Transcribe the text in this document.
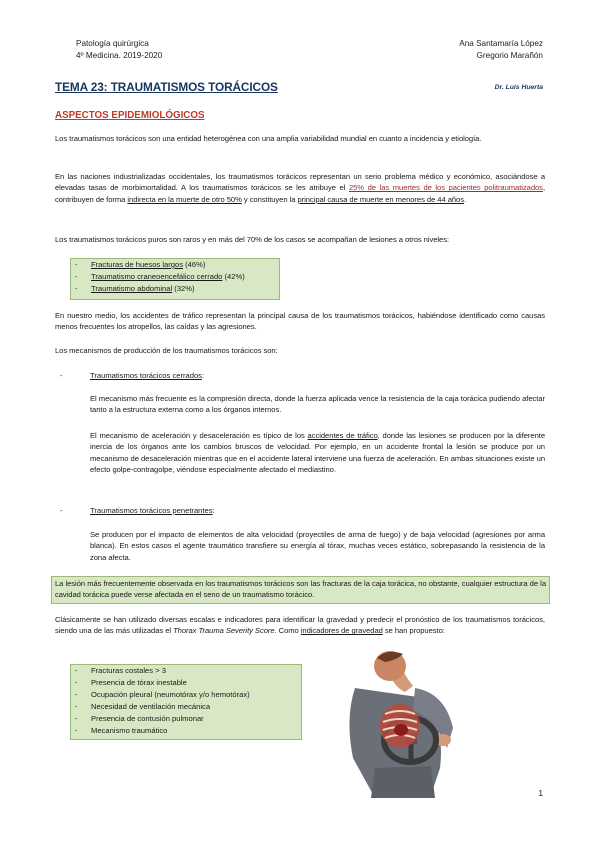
Patología quirúrgica
4º Medicina. 2019-2020
Ana Santamaría López
Gregorio Marañón
TEMA 23: TRAUMATISMOS TORÁCICOS	Dr. Luis Huerta
ASPECTOS EPIDEMIOLÓGICOS
Los traumatismos torácicos son una entidad heterogénea con una amplia variabilidad mundial en cuanto a incidencia y etiología.
En las naciones industrializadas occidentales, los traumatismos torácicos representan un serio problema médico y económico, asociándose a elevadas tasas de morbimortalidad. A los traumatismos torácicos se les atribuye el 25% de las muertes de los pacientes politraumatizados, contribuyen de forma indirecta en la muerte de otro 50% y constituyen la principal causa de muerte en menores de 44 años.
Los traumatismos torácicos puros son raros y en más del 70% de los casos se acompañan de lesiones a otros niveles:
- Fracturas de huesos largos (46%)
- Traumatismo craneoencefálico cerrado (42%)
- Traumatismo abdominal (32%)
En nuestro medio, los accidentes de tráfico representan la principal causa de los traumatismos torácicos, habiéndose identificado como causas menos frecuentes los atropellos, las caídas y las agresiones.
Los mecanismos de producción de los traumatismos torácicos son:
-	Traumatismos torácicos cerrados:
El mecanismo más frecuente es la compresión directa, donde la fuerza aplicada vence la resistencia de la caja torácica pudiendo afectar tanto a la estructura externa como a los órganos internos.
El mecanismo de aceleración y desaceleración es típico de los accidentes de tráfico, donde las lesiones se producen por la diferente inercia de los órganos ante los cambios bruscos de velocidad. Por ejemplo, en un accidente frontal la lesión se produce por un mecanismo de desaceleración mientras que en el accidente lateral interviene una fuerza de aceleración. En ambas situaciones existe un efecto golpe-contragolpe, viéndose especialmente afectado el mediastino.
-	Traumatismos torácicos penetrantes:
Se producen por el impacto de elementos de alta velocidad (proyectiles de arma de fuego) y de baja velocidad (agresiones por arma blanca). En estos casos el agente traumático transfiere su energía al tórax, muchas veces estático, sobrepasando la resistencia de la zona afecta.
La lesión más frecuentemente observada en los traumatismos torácicos son las fracturas de la caja torácica, no obstante, cualquier estructura de la cavidad torácica puede verse afectada en el seno de un traumatismo torácico.
Clásicamente se han utilizado diversas escalas e indicadores para identificar la gravedad y predecir el pronóstico de los traumatismos torácicos, siendo una de las más utilizadas el Thorax Trauma Severity Score. Como indicadores de gravedad se han propuesto:
- Fracturas costales > 3
- Presencia de tórax inestable
- Ocupación pleural (neumotórax y/o hemotórax)
- Necesidad de ventilación mecánica
- Presencia de contusión pulmonar
- Mecanismo traumático
1
